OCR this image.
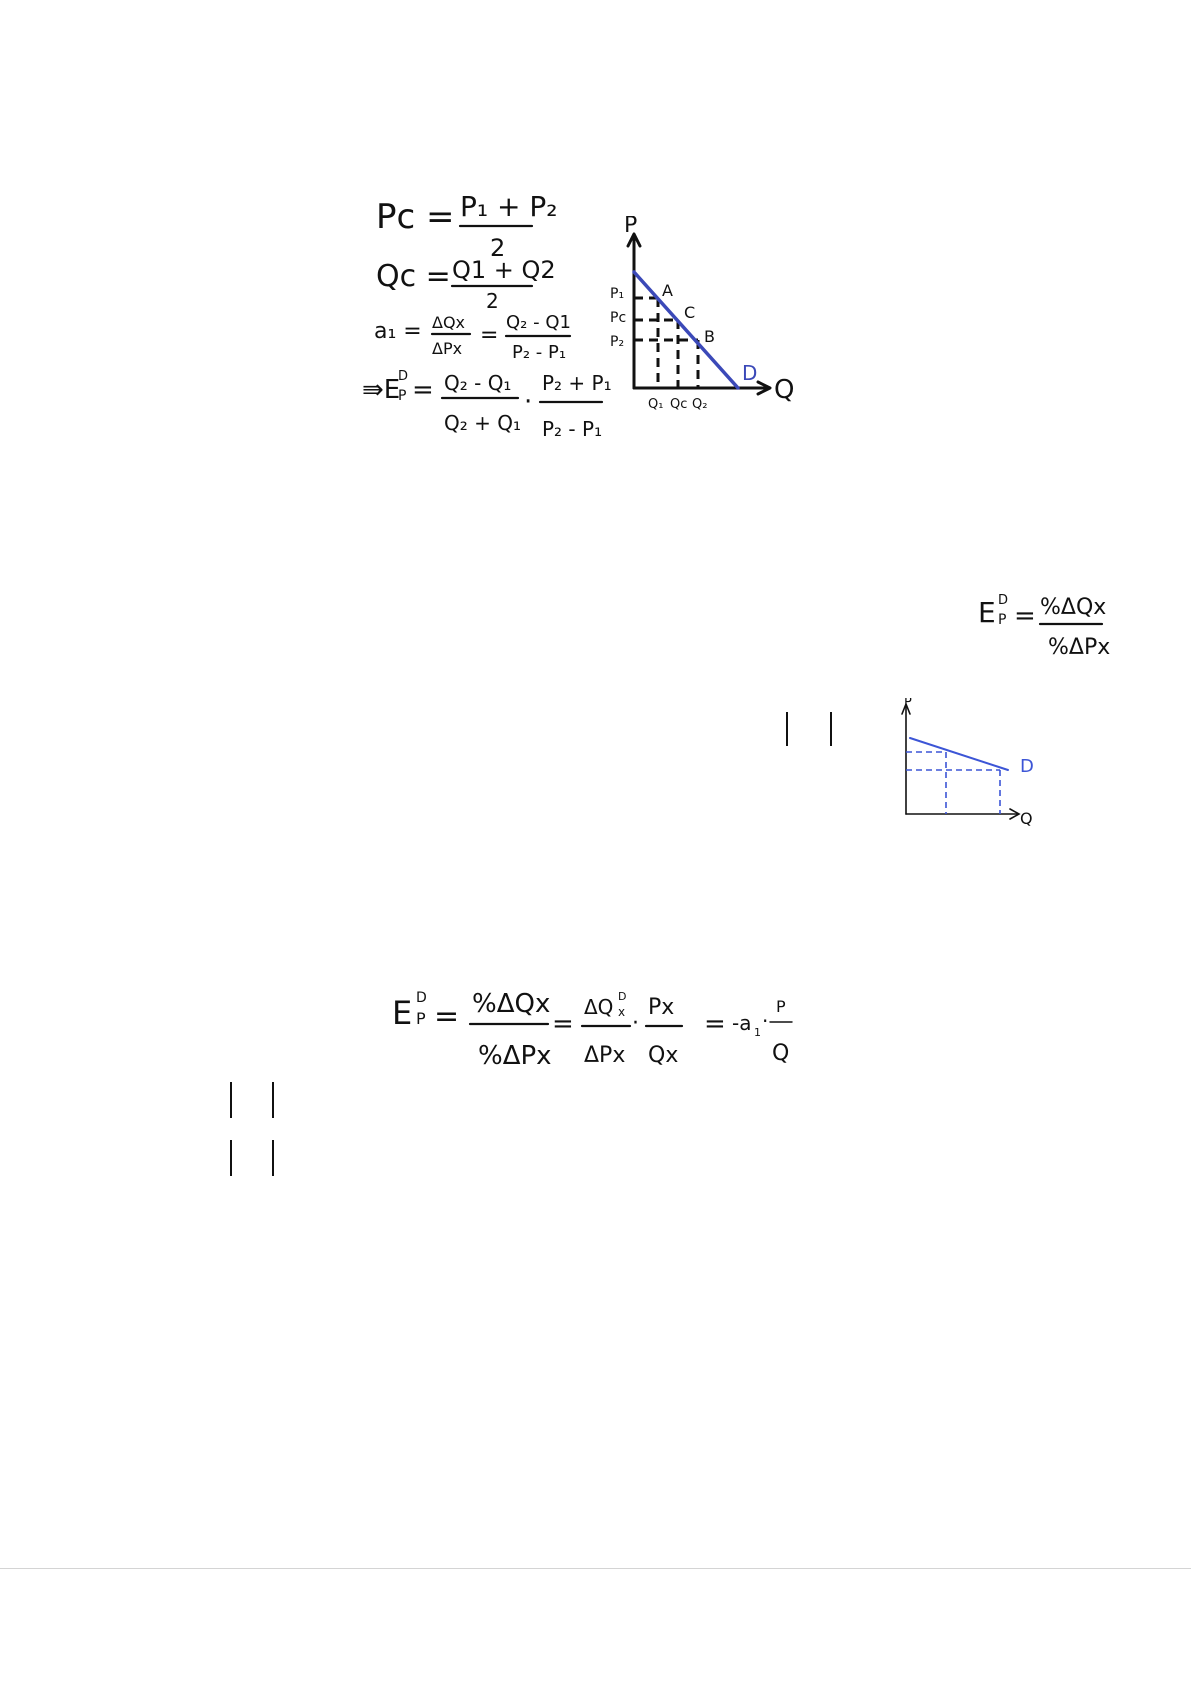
Pc = P₁ + P₂
2
Qc = Q1 + Q2
2
a₁ = ΔQx
ΔPx
=
Q₂ - Q1
P₂ - P₁
⇛E
D
P = Q₂ - Q₁
Q₂ + Q₁
·
P₂ + P₁
P₂ - P₁
P
Q
D
A
C
B
P₁
Pc
P₂
Q₁ Qc Q₂
E D
P = %ΔQx
%ΔPx
P
Q
D
E D
P = %ΔQx
%ΔPx
=
ΔQ D
x
ΔPx
·
Px
Qx
= -a 1 ·
P
Q
